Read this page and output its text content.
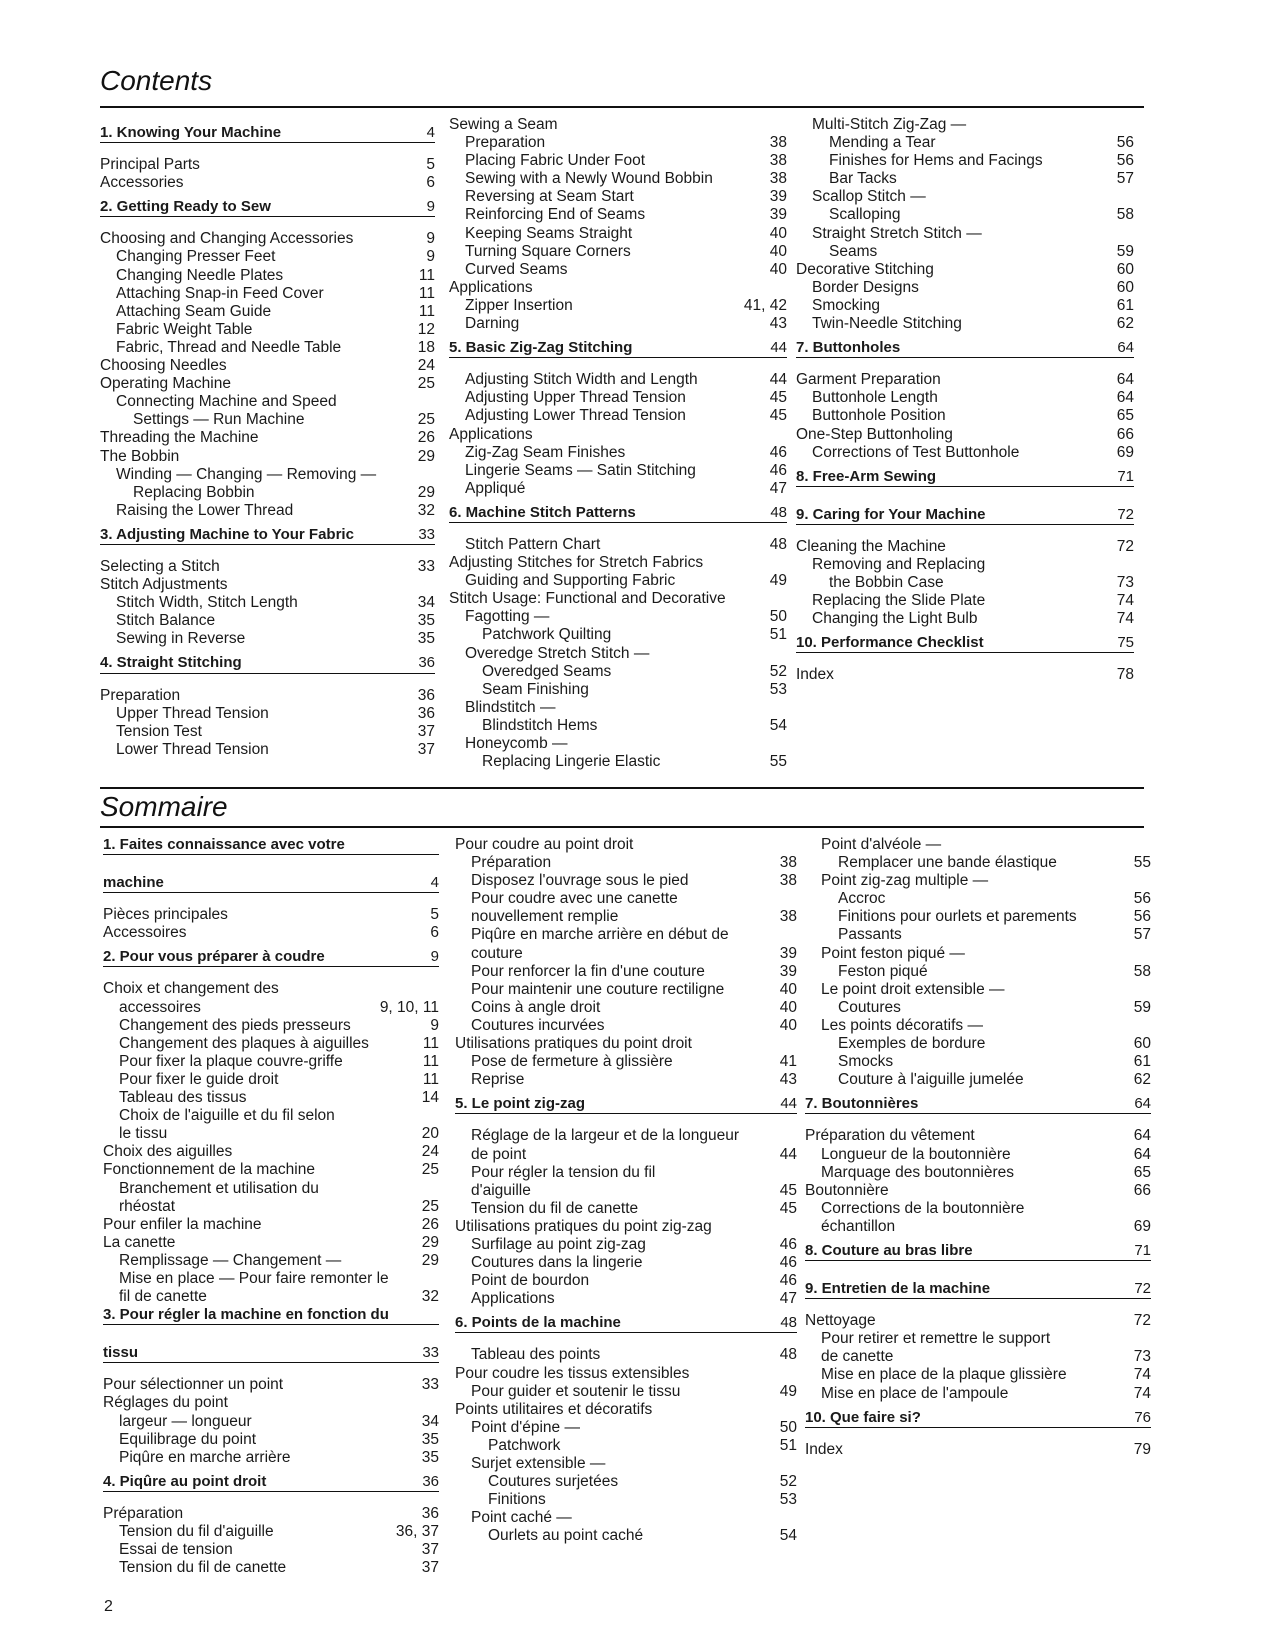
Contents
1. Knowing Your Machine	4
Principal Parts	5
Accessories	6
2. Getting Ready to Sew	9
Choosing and Changing Accessories	9
Changing Presser Feet	9
Changing Needle Plates	11
Attaching Snap-in Feed Cover	11
Attaching Seam Guide	11
Fabric Weight Table	12
Fabric, Thread and Needle Table	18
Choosing Needles	24
Operating Machine	25
Connecting Machine and Speed
Settings — Run Machine	25
Threading the Machine	26
The Bobbin	29
Winding — Changing — Removing —
Replacing Bobbin	29
Raising the Lower Thread	32
3. Adjusting Machine to Your Fabric	33
Selecting a Stitch	33
Stitch Adjustments
Stitch Width, Stitch Length	34
Stitch Balance	35
Sewing in Reverse	35
4. Straight Stitching	36
Preparation	36
Upper Thread Tension	36
Tension Test	37
Lower Thread Tension	37
Sewing a Seam
Preparation	38
Placing Fabric Under Foot	38
Sewing with a Newly Wound Bobbin	38
Reversing at Seam Start	39
Reinforcing End of Seams	39
Keeping Seams Straight	40
Turning Square Corners	40
Curved Seams	40
Applications
Zipper Insertion	41, 42
Darning	43
5. Basic Zig-Zag Stitching	44
Adjusting Stitch Width and Length	44
Adjusting Upper Thread Tension	45
Adjusting Lower Thread Tension	45
Applications
Zig-Zag Seam Finishes	46
Lingerie Seams — Satin Stitching	46
Appliqué	47
6. Machine Stitch Patterns	48
Stitch Pattern Chart	48
Adjusting Stitches for Stretch Fabrics
Guiding and Supporting Fabric	49
Stitch Usage: Functional and Decorative
Fagotting —	50
Patchwork Quilting	51
Overedge Stretch Stitch —
Overedged Seams	52
Seam Finishing	53
Blindstitch —
Blindstitch Hems	54
Honeycomb —
Replacing Lingerie Elastic	55
Multi-Stitch Zig-Zag —
Mending a Tear	56
Finishes for Hems and Facings	56
Bar Tacks	57
Scallop Stitch —
Scalloping	58
Straight Stretch Stitch —
Seams	59
Decorative Stitching	60
Border Designs	60
Smocking	61
Twin-Needle Stitching	62
7. Buttonholes	64
Garment Preparation	64
Buttonhole Length	64
Buttonhole Position	65
One-Step Buttonholing	66
Corrections of Test Buttonhole	69
8. Free-Arm Sewing	71
9. Caring for Your Machine	72
Cleaning the Machine	72
Removing and Replacing
the Bobbin Case	73
Replacing the Slide Plate	74
Changing the Light Bulb	74
10. Performance Checklist	75
Index	78
Sommaire
1. Faites connaissance avec votre
machine	4
Pièces principales	5
Accessoires	6
2. Pour vous préparer à coudre	9
Choix et changement des
accessoires	9, 10, 11
Changement des pieds presseurs	9
Changement des plaques à aiguilles	11
Pour fixer la plaque couvre-griffe	11
Pour fixer le guide droit	11
Tableau des tissus	14
Choix de l'aiguille et du fil selon
le tissu	20
Choix des aiguilles	24
Fonctionnement de la machine	25
Branchement et utilisation du
rhéostat	25
Pour enfiler la machine	26
La canette	29
Remplissage — Changement —	29
Mise en place — Pour faire remonter le
fil de canette	32
3. Pour régler la machine en fonction du
tissu	33
Pour sélectionner un point	33
Réglages du point
largeur — longueur	34
Equilibrage du point	35
Piqûre en marche arrière	35
4. Piqûre au point droit	36
Préparation	36
Tension du fil d'aiguille	36, 37
Essai de tension	37
Tension du fil de canette	37
Pour coudre au point droit
Préparation	38
Disposez l'ouvrage sous le pied	38
Pour coudre avec une canette
nouvellement remplie	38
Piqûre en marche arrière en début de
couture	39
Pour renforcer la fin d'une couture	39
Pour maintenir une couture rectiligne	40
Coins à angle droit	40
Coutures incurvées	40
Utilisations pratiques du point droit
Pose de fermeture à glissière	41
Reprise	43
5. Le point zig-zag	44
Réglage de la largeur et de la longueur
de point	44
Pour régler la tension du fil
d'aiguille	45
Tension du fil de canette	45
Utilisations pratiques du point zig-zag
Surfilage au point zig-zag	46
Coutures dans la lingerie	46
Point de bourdon	46
Applications	47
6. Points de la machine	48
Tableau des points	48
Pour coudre les tissus extensibles
Pour guider et soutenir le tissu	49
Points utilitaires et décoratifs
Point d'épine —	50
Patchwork	51
Surjet extensible —
Coutures surjetées	52
Finitions	53
Point caché —
Ourlets au point caché	54
Point d'alvéole —
Remplacer une bande élastique	55
Point zig-zag multiple —
Accroc	56
Finitions pour ourlets et parements	56
Passants	57
Point feston piqué —
Feston piqué	58
Le point droit extensible —
Coutures	59
Les points décoratifs —
Exemples de bordure	60
Smocks	61
Couture à l'aiguille jumelée	62
7. Boutonnières	64
Préparation du vêtement	64
Longueur de la boutonnière	64
Marquage des boutonnières	65
Boutonnière	66
Corrections de la boutonnière
échantillon	69
8. Couture au bras libre	71
9. Entretien de la machine	72
Nettoyage	72
Pour retirer et remettre le support
de canette	73
Mise en place de la plaque glissière	74
Mise en place de l'ampoule	74
10. Que faire si?	76
Index	79
2
